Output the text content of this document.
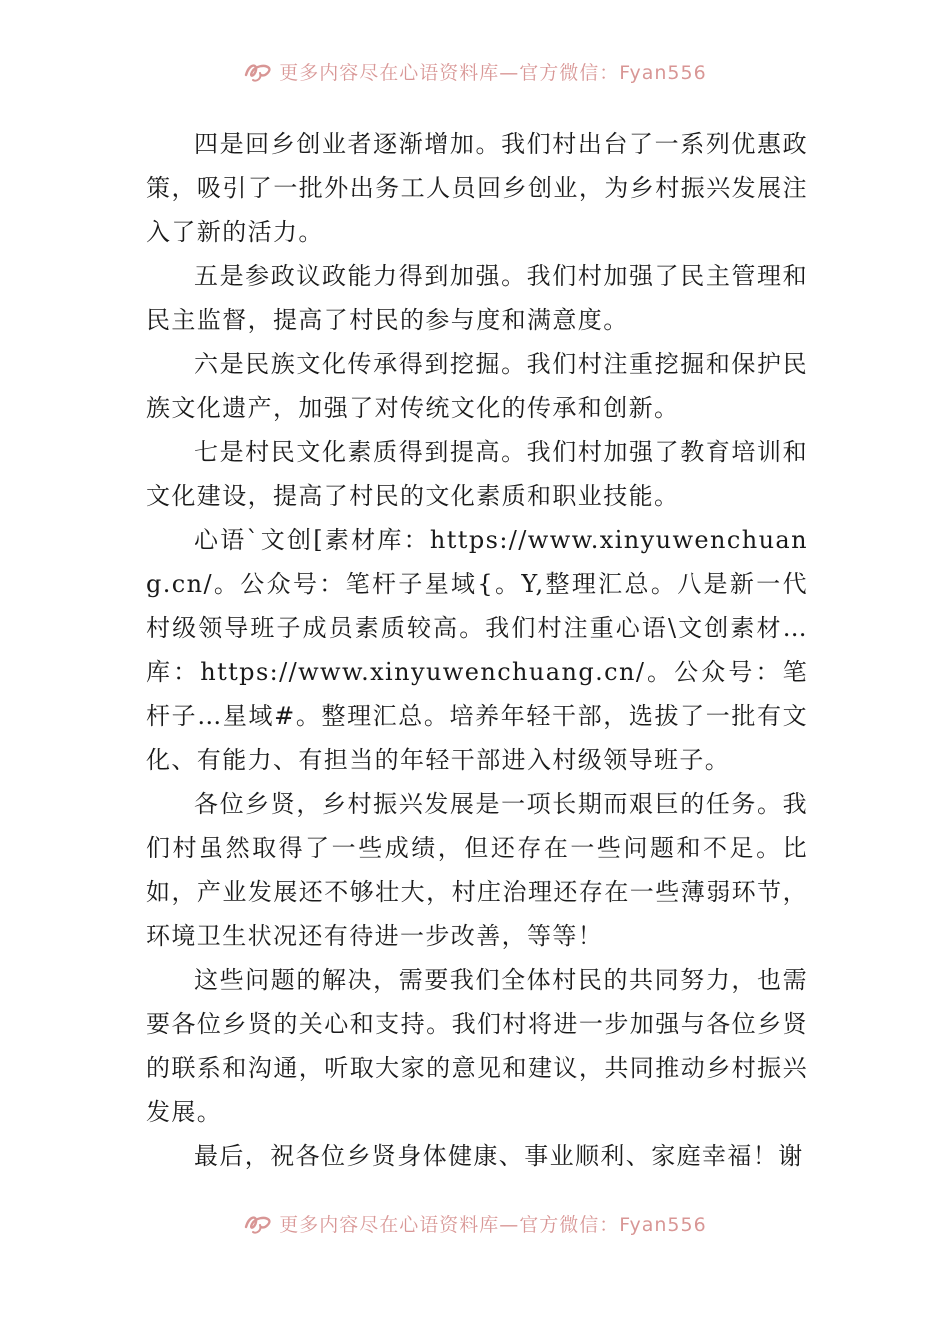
更多内容尽在心语资料库—官方微信：Fyan556

四是回乡创业者逐渐增加。我们村出台了一系列优惠政策，吸引了一批外出务工人员回乡创业，为乡村振兴发展注入了新的活力。

五是参政议政能力得到加强。我们村加强了民主管理和民主监督，提高了村民的参与度和满意度。

六是民族文化传承得到挖掘。我们村注重挖掘和保护民族文化遗产，加强了对传统文化的传承和创新。

七是村民文化素质得到提高。我们村加强了教育培训和文化建设，提高了村民的文化素质和职业技能。

心语`文创[素材库：https://www.xinyuwenchuang.cn/。公众号：笔杆子星域{。Y,整理汇总。八是新一代村级领导班子成员素质较高。我们村注重心语\文创素材…库：https://www.xinyuwenchuang.cn/。公众号：笔杆子…星域#。整理汇总。培养年轻干部，选拔了一批有文化、有能力、有担当的年轻干部进入村级领导班子。

各位乡贤，乡村振兴发展是一项长期而艰巨的任务。我们村虽然取得了一些成绩，但还存在一些问题和不足。比如，产业发展还不够壮大，村庄治理还存在一些薄弱环节，环境卫生状况还有待进一步改善，等等！

这些问题的解决，需要我们全体村民的共同努力，也需要各位乡贤的关心和支持。我们村将进一步加强与各位乡贤的联系和沟通，听取大家的意见和建议，共同推动乡村振兴发展。

最后，祝各位乡贤身体健康、事业顺利、家庭幸福！谢

更多内容尽在心语资料库—官方微信：Fyan556
